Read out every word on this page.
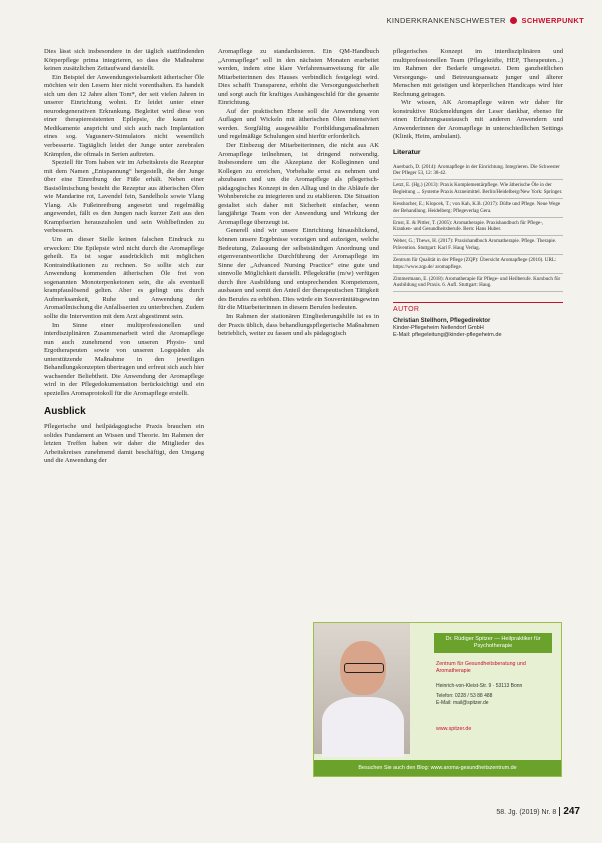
KINDERKRANKENSCHWESTER SCHWERPUNKT

Dies lässt sich insbesondere in der täglich stattfindenden Körperpflege prima integrieren, so dass die Maßnahme keinen zusätzlichen Zeitaufwand darstellt.

Ein Beispiel der Anwendungsvielsamkeit ätherischer Öle möchten wir den Lesern hier nicht vorenthalten. Es handelt sich um den 12 Jahre alten Tom*, der seit vielen Jahren in unserer Einrichtung wohnt. Er leidet unter einer neurodegenerativen Erkrankung. Begleitet wird diese von einer therapieresistenten Epilepsie, die kaum auf Medikamente anspricht und sich auch nach Implantation eines sog. Vagusnerv-Stimulators nicht wesentlich verbesserte. Tagtäglich leidet der Junge unter zerebralen Krämpfen, die oftmals in Serien auftreten.

Speziell für Tom haben wir im Arbeitskreis die Rezeptur mit dem Namen „Entspannung“ hergestellt, die der Junge über eine Einreibung der Füße erhält. Neben einer Basisölmischung besteht die Rezeptur aus ätherischen Ölen wie Mandarine rot, Lavendel fein, Sandelholz sowie Ylang Ylang. Als Fußeinreibung angesetzt und regelmäßig angewendet, fällt es den Jungen nach kurzer Zeit aus den Krampfserien herauszuholen und sein Wohlbefinden zu verbessern.

Um an dieser Stelle keinen falschen Eindruck zu erwecken: Die Epilepsie wird nicht durch die Aromapflege geheilt. Es ist sogar ausdrücklich mit möglichen Kontraindikationen zu rechnen. So sollte sich zur Anwendung kommenden ätherischen Öle frei von sogenannten Monoterpenketonen sein, die als eventuell krampfauslösend gelten. Aber es gelingt uns durch Aufmerksamkeit, Ruhe und Anwendung der Aromaölmischung die Anfallsserien zu unterbrechen. Zudem sollte die Intervention mit dem Arzt abgestimmt sein.

Im Sinne einer multiprofessionellen und interdisziplinären Zusammenarbeit wird die Aromapflege nun auch zunehmend von unseren Physio- und Ergotherapeuten sowie von unseren Logopäden als unterstützende Maßnahme in den jeweiligen Behandlungskonzepten übertragen und erfreut sich auch hier wachsender Beliebtheit. Die Anwendung der Aromapflege wird in der Pflegedokumentation berücksichtigt und ein spezielles Aromaprotokoll für die Aromapflege erstellt.

Ausblick

Pflegerische und heilpädagogische Praxis brauchen ein solides Fundament an Wissen und Theorie. Im Rahmen der letzten Treffen haben wir daher die Mitglieder des Arbeitskreises zunehmend damit beschäftigt, den Umgang und die Anwendung der

Aromapflege zu standardisieren. Ein QM-Handbuch „Aromapflege“ soll in den nächsten Monaten erarbeitet werden, indem eine klare Verfahrensanweisung für alle Mitarbeiterinnen des Hauses verbindlich festgelegt wird. Dies schafft Transparenz, erhöht die Versorgungssicherheit und sorgt auch für kraftiges Aushängeschild für die gesamte Einrichtung.

Auf der praktischen Ebene soll die Anwendung von Auflagen und Wickeln mit ätherischen Ölen intensiviert werden. Sorgfältig ausgewählte Fortbildungsmaßnahmen und regelmäßige Schulungen sind hierfür erforderlich.

Der Einbezug der Mitarbeiterinnen, die nicht aus AK Aromapflege teilnehmen, ist dringend notwendig. Insbesondere um die Akzeptanz der Kolleginnen und Kollegen zu erreichen, Vorbehalte ernst zu nehmen und abzubauen und um die Aromapflege als pflegerisch-pädagogisches Konzept in den Alltag und in die Abläufe der Wohnbereiche zu integrieren und zu etablieren. Die Situation gestaltet sich daher mit Sicherheit einfacher, wenn langjährige Team von der Anwendung und Wirkung der Aromapflege überzeugt ist.

Generell sind wir unsere Einrichtung hinausblickend, können unsere Ergebnisse vorzeigen und aufzeigen, welche Bedeutung, Zulassung der selbstständigen Anordnung und eigenverantwortliche Durchführung der Aromapflege im Sinne der „Advanced Nursing Practice“ eine gute und sinnvolle Möglichkeit darstellt. Pflegekräfte (m/w) verfügen durch ihre Ausbildung und entsprechenden Kompetenzen, ausbauen und somit den Anteil der therapeutischen Tätigkeit des Berufes zu erhöhen. Dies würde ein Souveränitätsgewinn für die Mitarbeiterinnen in diesem Berufen bedeuten.

Im Rahmen der stationären Eingliederungshilfe ist es in der Praxis üblich, dass behandlungspflegerische Maßnahmen betrieblich, weiter zu fassen und als pädagogisch

pflegerisches Konzept im interdisziplinären und multiprofessionellen Team (Pflegekräfte, HEP, Therapeuten...) im Rahmen der Bedarfe umgesetzt. Dem ganzheitlichen Versorgungs- und Betreuungsansatz junger und älterer Menschen mit geistigen und körperlichen Handicaps wird hier Rechnung getragen.

Wir wissen, AK Aromapflege wären wir daher für konstruktive Rückmeldungen der Leser dankbar, ebenso für einen Erfahrungsaustausch mit anderen Anwendern und Anwenderinnen der Aromapflege in unterschiedlichen Settings (Klinik, Heim, ambulant).

Literatur
Auerbach, D. (2014): Aromapflege in der Einrichtung. Integrieren. Die Schwester Der Pfleger 53, 12: 38-42.
Letzt, E. (Hg.) (2013): Praxis Komplementärpflege. Wie ätherische Öle in der Begleitung ... Systeme Praxis Arzneimittel. Berlin/Heidelberg/New York: Springer.
Kessbacher, E.; Klopcek, T.; von Kah, K.B. (2017): Düfte und Pflege. Neue Wege der Behandlung. Heidelberg: Pflegeverlag Gera.
Ernst, E. & Pittler, T. (2005): Aromatherapie. Praxishandbuch für Pflege-, Kranken- und Gesundheitsberufe. Bern: Hans Huber.
Weber, G.; Thews, H. (2017): Praxishandbuch Aromatherapie. Pflege. Therapie. Prävention. Stuttgart: Karl F. Haug Verlag.
Zentrum für Qualität in der Pflege (ZQP): Übersicht Aromapflege (2016). URL: https://www.zqp.de/ aromapflege.
Zimmermann, E. (2018): Aromatherapie für Pflege- und Heilberufe. Kursbuch für Ausbildung und Praxis. 6. Aufl. Stuttgart: Haug.
AUTOR
Christian Stellhorn, Pflegedirektor
Kinder-Pflegeheim Nellendorf GmbH
E-Mail: pflegeleitung@kinder-pflegeheim.de
Dr. Rüdiger Spitzer — Heilpraktiker für Psychotherapie
Zentrum für Gesundheitsberatung und Aromatherapie
Heinrich-von-Kleist-Str. 9 · 53113 Bonn
Telefon: 0228 / 53 88 488
E-Mail: mail@spitzer.de
www.spitzer.de
Besuchen Sie auch den Blog: www.aroma-gesundheitszentrum.de
58. Jg. (2019) Nr. 8 247
